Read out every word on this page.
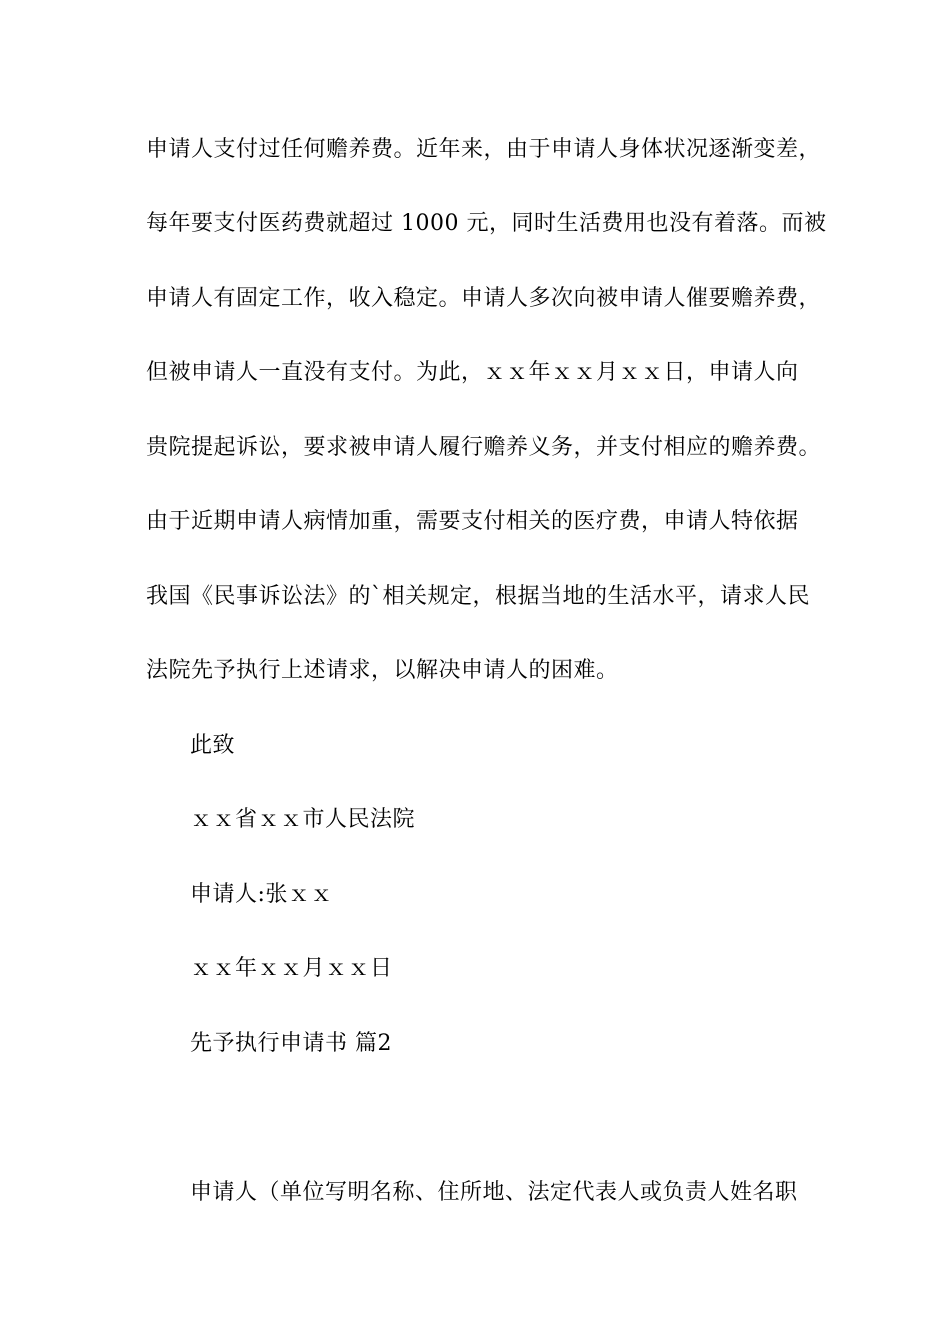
申请人支付过任何赡养费。近年来，由于申请人身体状况逐渐变差，
每年要支付医药费就超过 1000 元，同时生活费用也没有着落。而被
申请人有固定工作，收入稳定。申请人多次向被申请人催要赡养费，
但被申请人一直没有支付。为此，ｘｘ年ｘｘ月ｘｘ日，申请人向
贵院提起诉讼，要求被申请人履行赡养义务，并支付相应的赡养费。
由于近期申请人病情加重，需要支付相关的医疗费，申请人特依据
我国《民事诉讼法》的`相关规定，根据当地的生活水平，请求人民
法院先予执行上述请求，以解决申请人的困难。
此致
ｘｘ省ｘｘ市人民法院
申请人:张ｘｘ
ｘｘ年ｘｘ月ｘｘ日
先予执行申请书 篇2
申请人（单位写明名称、住所地、法定代表人或负责人姓名职
